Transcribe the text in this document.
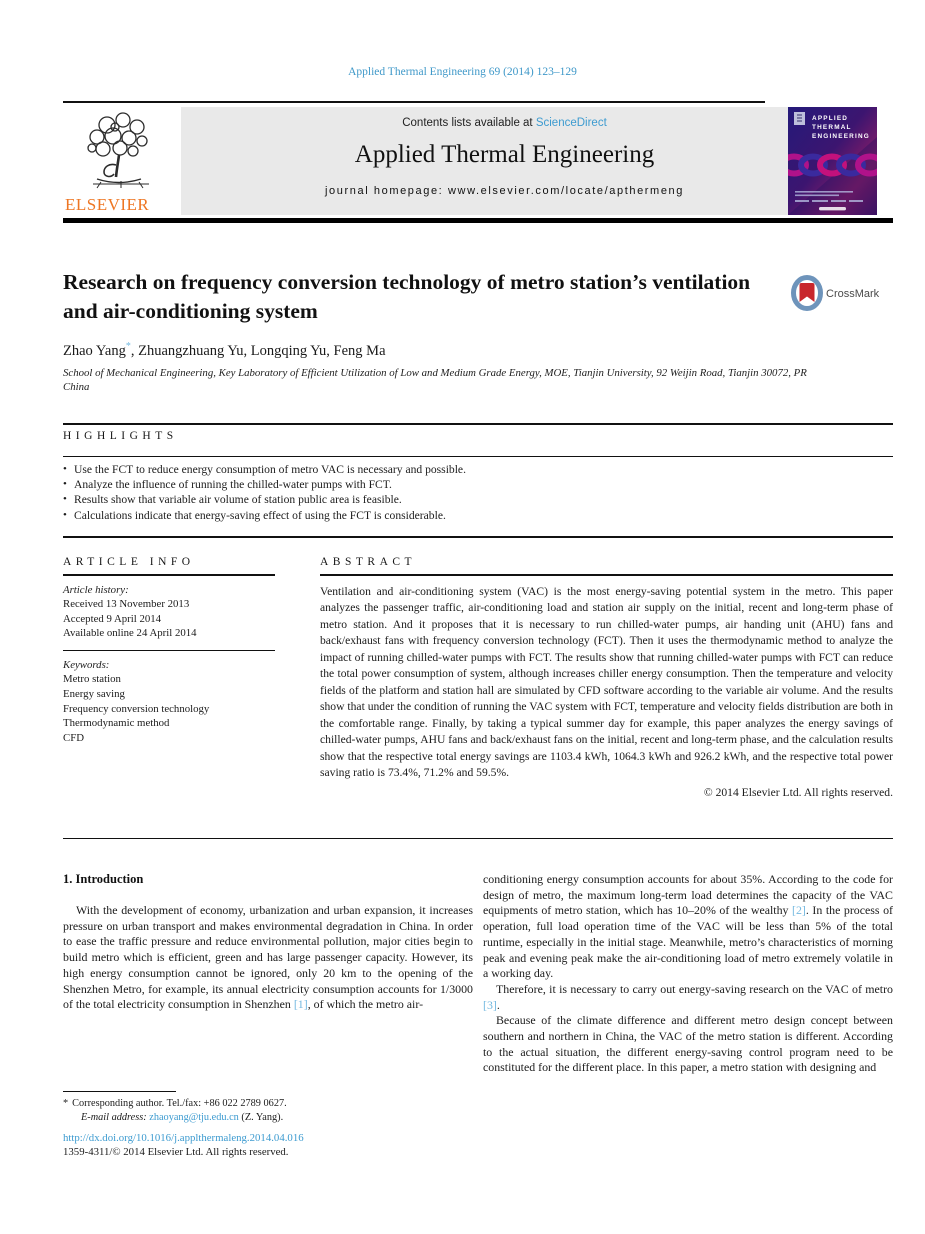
Applied Thermal Engineering 69 (2014) 123–129
ELSEVIER
Contents lists available at ScienceDirect
Applied Thermal Engineering
journal homepage: www.elsevier.com/locate/apthermeng
APPLIED
THERMAL
ENGINEERING
Research on frequency conversion technology of metro station’s ventilation and air-conditioning system
CrossMark
Zhao Yang*, Zhuangzhuang Yu, Longqing Yu, Feng Ma
School of Mechanical Engineering, Key Laboratory of Efficient Utilization of Low and Medium Grade Energy, MOE, Tianjin University, 92 Weijin Road, Tianjin 30072, PR China
HIGHLIGHTS
• Use the FCT to reduce energy consumption of metro VAC is necessary and possible.
• Analyze the influence of running the chilled-water pumps with FCT.
• Results show that variable air volume of station public area is feasible.
• Calculations indicate that energy-saving effect of using the FCT is considerable.
ARTICLE INFO
Article history:
Received 13 November 2013
Accepted 9 April 2014
Available online 24 April 2014
Keywords:
Metro station
Energy saving
Frequency conversion technology
Thermodynamic method
CFD
ABSTRACT

Ventilation and air-conditioning system (VAC) is the most energy-saving potential system in the metro. This paper analyzes the passenger traffic, air-conditioning load and station air supply on the initial, recent and long-term phase of metro station. And it proposes that it is necessary to run chilled-water pumps, air handing unit (AHU) fans and back/exhaust fans with frequency conversion technology (FCT). Then it uses the thermodynamic method to analyze the impact of running chilled-water pumps with FCT. The results show that running chilled-water pumps with FCT can reduce the total power consumption of system, although increases chiller energy consumption. Then the temperature and velocity fields of the platform and station hall are simulated by CFD software according to the variable air volume. And the results show that under the condition of running the VAC system with FCT, temperature and velocity fields distribution are both in the comfortable range. Finally, by taking a typical summer day for example, this paper analyzes the energy savings of chilled-water pumps, AHU fans and back/exhaust fans on the initial, recent and long-term phase, and the calculation results show that the respective total energy savings are 1103.4 kWh, 1064.3 kWh and 926.2 kWh, and the respective total power saving ratio is 73.4%, 71.2% and 59.5%.

© 2014 Elsevier Ltd. All rights reserved.
1. Introduction

With the development of economy, urbanization and urban expansion, it increases pressure on urban transport and makes environmental degradation in China. In order to ease the traffic pressure and reduce environmental pollution, major cities begin to build metro which is efficient, green and has large passenger capacity. However, its high energy consumption cannot be ignored, only 20 km to the opening of the Shenzhen Metro, for example, its annual electricity consumption accounts for 1/3000 of the total electricity consumption in Shenzhen [1], of which the metro air-

conditioning energy consumption accounts for about 35%. According to the code for design of metro, the maximum long-term load determines the capacity of the VAC equipments of metro station, which has 10–20% of the wealthy [2]. In the process of operation, full load operation time of the VAC will be less than 5% of the total runtime, especially in the initial stage. Meanwhile, metro’s characteristics of morning peak and evening peak make the air-conditioning load of metro extremely volatile in a working day.

Therefore, it is necessary to carry out energy-saving research on the VAC of metro [3].

Because of the climate difference and different metro design concept between southern and northern in China, the VAC of the metro station is different. According to the actual situation, the different energy-saving control program need to be constituted for the different place. In this paper, a metro station with designing and

* Corresponding author. Tel./fax: +86 022 2789 0627.
E-mail address: zhaoyang@tju.edu.cn (Z. Yang).
http://dx.doi.org/10.1016/j.applthermaleng.2014.04.016
1359-4311/© 2014 Elsevier Ltd. All rights reserved.
